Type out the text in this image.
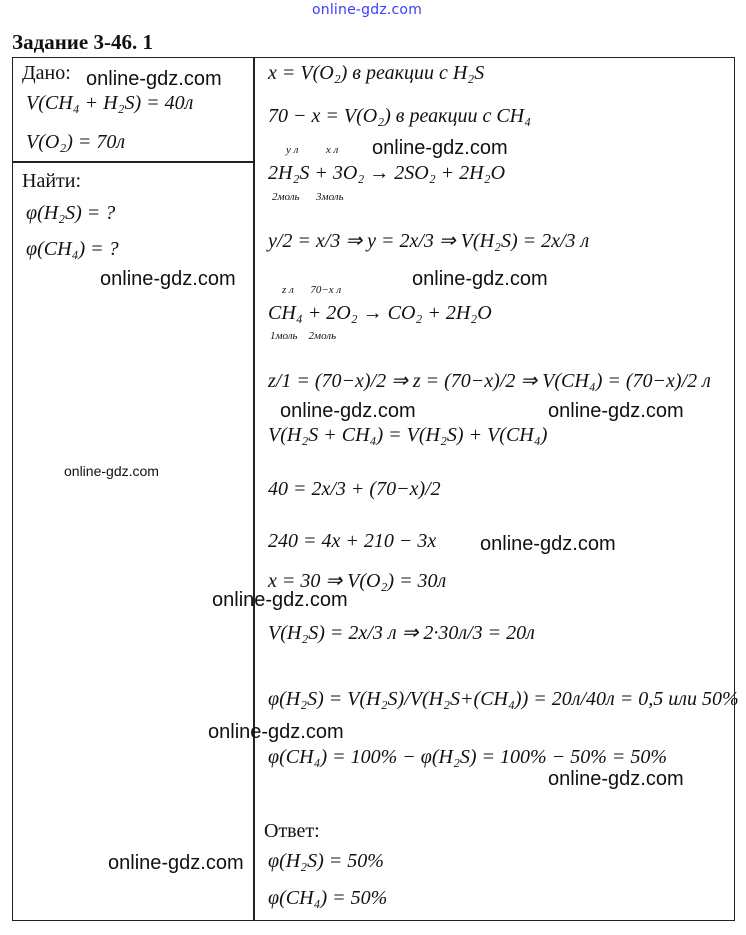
online-gdz.com
Задание 3-46. 1
Дано:
V(CH₄ + H₂S) = 40л
V(O₂) = 70л
Найти:
φ(H₂S) = ?
φ(CH₄) = ?
x = V(O₂) в реакции с H₂S
70 − x = V(O₂) в реакции с CH₄
y л          x л
2H₂S + 3O₂ → 2SO₂ + 2H₂O
2моль      3моль
y/2 = x/3 ⇒ y = 2x/3 ⇒ V(H₂S) = 2x/3 л
z л      70−x л
CH₄ + 2O₂ → CO₂ + 2H₂O
1моль    2моль
z/1 = (70−x)/2 ⇒ z = (70−x)/2 ⇒ V(CH₄) = (70−x)/2 л
V(H₂S + CH₄) = V(H₂S) + V(CH₄)
40 = 2x/3 + (70−x)/2
240 = 4x + 210 − 3x
x = 30 ⇒ V(O₂) = 30л
V(H₂S) = 2x/3 л ⇒ 2·30л/3 = 20л
φ(H₂S) = V(H₂S)/V(H₂S+(CH₄)) = 20л/40л = 0,5 или 50%
φ(CH₄) = 100% − φ(H₂S) = 100% − 50% = 50%
Ответ:
φ(H₂S) = 50%
φ(CH₄) = 50%
online-gdz.com
online-gdz.com
online-gdz.com	online-gdz.com
online-gdz.com	online-gdz.com
online-gdz.com
online-gdz.com
online-gdz.com
online-gdz.com
online-gdz.com
online-gdz.com
